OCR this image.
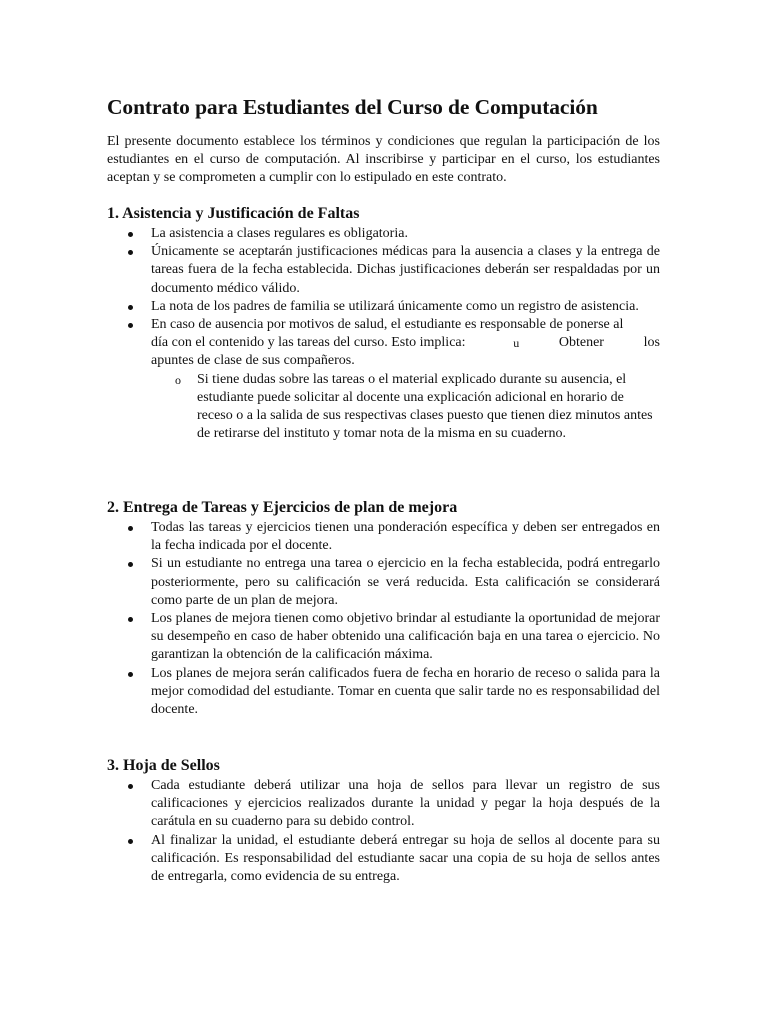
Contrato para Estudiantes del Curso de Computación

El presente documento establece los términos y condiciones que regulan la participación de los estudiantes en el curso de computación. Al inscribirse y participar en el curso, los estudiantes aceptan y se comprometen a cumplir con lo estipulado en este contrato.

1. Asistencia y Justificación de Faltas
La asistencia a clases regulares es obligatoria.
Únicamente se aceptarán justificaciones médicas para la ausencia a clases y la entrega de tareas fuera de la fecha establecida. Dichas justificaciones deberán ser respaldadas por un documento médico válido.
La nota de los padres de familia se utilizará únicamente como un registro de asistencia.
En caso de ausencia por motivos de salud, el estudiante es responsable de ponerse al
día con el contenido y las tareas del curso. Esto implica:	u	Obtener	los
apuntes de clase de sus compañeros.
o Si tiene dudas sobre las tareas o el material explicado durante su ausencia, el estudiante puede solicitar al docente una explicación adicional en horario de receso o a la salida de sus respectivas clases puesto que tienen diez minutos antes de retirarse del instituto y tomar nota de la misma en su cuaderno.
2. Entrega de Tareas y Ejercicios de plan de mejora
Todas las tareas y ejercicios tienen una ponderación específica y deben ser entregados en la fecha indicada por el docente.
Si un estudiante no entrega una tarea o ejercicio en la fecha establecida, podrá entregarlo posteriormente, pero su calificación se verá reducida. Esta calificación se considerará como parte de un plan de mejora.
Los planes de mejora tienen como objetivo brindar al estudiante la oportunidad de mejorar su desempeño en caso de haber obtenido una calificación baja en una tarea o ejercicio. No garantizan la obtención de la calificación máxima.
Los planes de mejora serán calificados fuera de fecha en horario de receso o salida para la mejor comodidad del estudiante. Tomar en cuenta que salir tarde no es responsabilidad del docente.
3. Hoja de Sellos
Cada estudiante deberá utilizar una hoja de sellos para llevar un registro de sus calificaciones y ejercicios realizados durante la unidad y pegar la hoja después de la carátula en su cuaderno para su debido control.
Al finalizar la unidad, el estudiante deberá entregar su hoja de sellos al docente para su calificación. Es responsabilidad del estudiante sacar una copia de su hoja de sellos antes de entregarla, como evidencia de su entrega.
